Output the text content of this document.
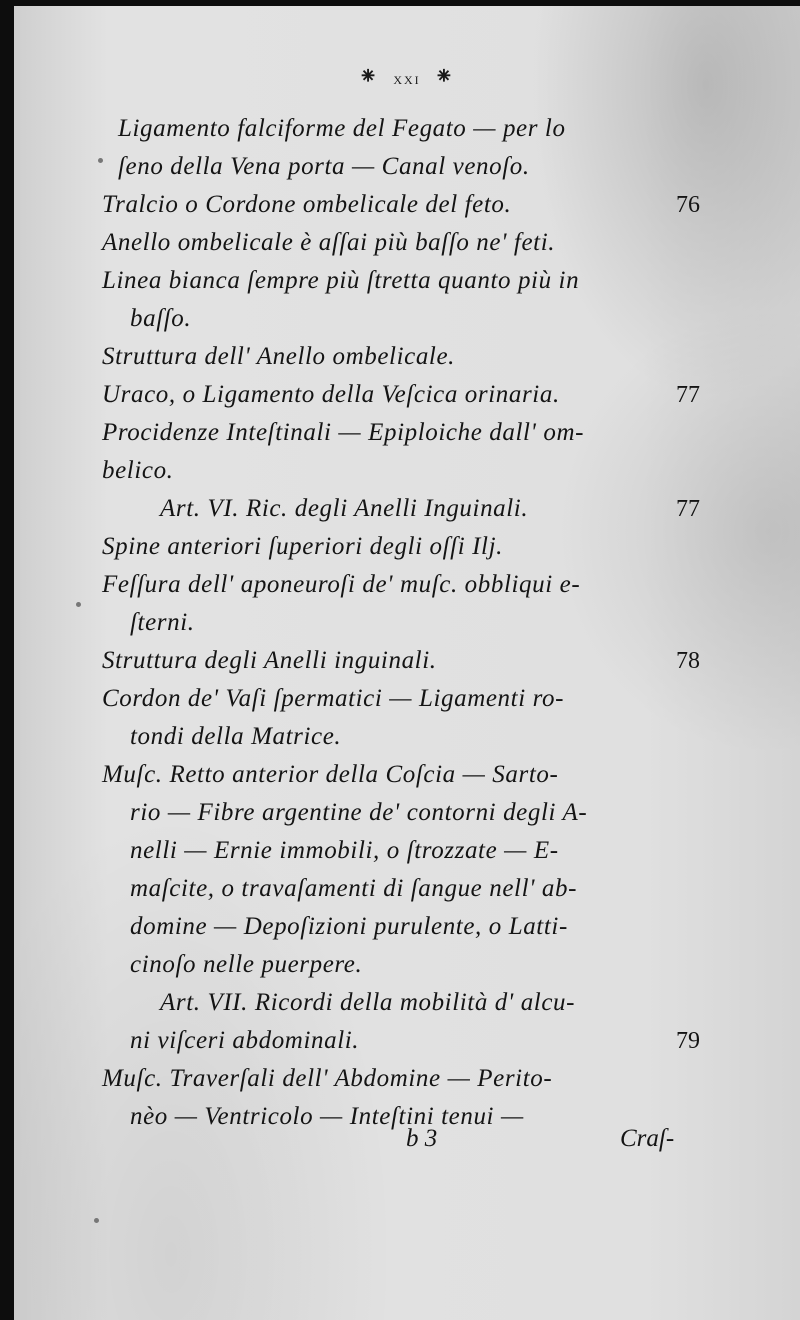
⁕ xxi ⁕
Ligamento falciforme del Fegato — per lo
ſeno della Vena porta — Canal venoſo.
Tralcio o Cordone ombelicale del feto.
Anello ombelicale è aſſai più baſſo ne' feti.
Linea bianca ſempre più ſtretta quanto più in
baſſo.
Struttura dell' Anello ombelicale.
Uraco, o Ligamento della Veſcica orinaria.
Procidenze Inteſtinali — Epiploiche dall' om-
belico.
Art. VI. Ric. degli Anelli Inguinali.
Spine anteriori ſuperiori degli oſſi Ilj.
Feſſura dell' aponeuroſi de' muſc. obbliqui e-
ſterni.
Struttura degli Anelli inguinali.
Cordon de' Vaſi ſpermatici — Ligamenti ro-
tondi della Matrice.
Muſc. Retto anterior della Coſcia — Sarto-
rio — Fibre argentine de' contorni degli A-
nelli — Ernie immobili, o ſtrozzate — E-
maſcite, o travaſamenti di ſangue nell' ab-
domine — Depoſizioni purulente, o Latti-
cinoſo nelle puerpere.
Art. VII. Ricordi della mobilità d' alcu-
ni viſceri abdominali.
Muſc. Traverſali dell' Abdomine — Perito-
nèo — Ventricolo — Inteſtini tenui —
76
77
77
78
79
b 3	Craſ-
